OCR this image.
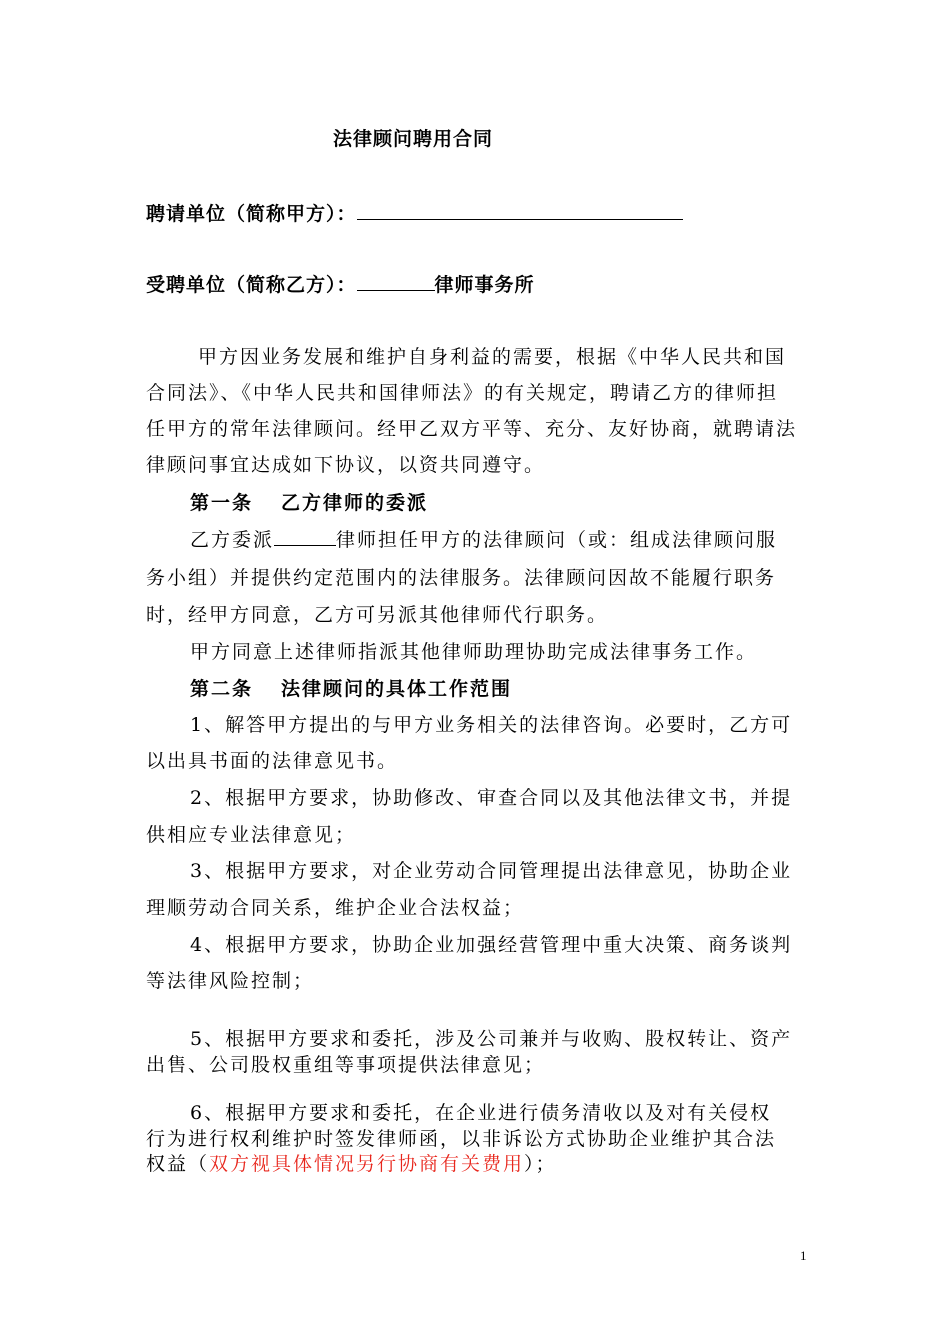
法律顾问聘用合同
聘请单位（简称甲方）：
受聘单位（简称乙方）：	律师事务所
甲方因业务发展和维护自身利益的需要，根据《中华人民共和国
合同法》、《中华人民共和国律师法》的有关规定，聘请乙方的律师担
任甲方的常年法律顾问。经甲乙双方平等、充分、友好协商，就聘请法
律顾问事宜达成如下协议，以资共同遵守。
第一条 乙方律师的委派
乙方委派	律师担任甲方的法律顾问（或：组成法律顾问服
务小组）并提供约定范围内的法律服务。法律顾问因故不能履行职务
时，经甲方同意，乙方可另派其他律师代行职务。
甲方同意上述律师指派其他律师助理协助完成法律事务工作。
第二条 法律顾问的具体工作范围
1、解答甲方提出的与甲方业务相关的法律咨询。必要时，乙方可
以出具书面的法律意见书。
2、根据甲方要求，协助修改、审查合同以及其他法律文书，并提
供相应专业法律意见；
3、根据甲方要求，对企业劳动合同管理提出法律意见，协助企业
理顺劳动合同关系，维护企业合法权益；
4、根据甲方要求，协助企业加强经营管理中重大决策、商务谈判
等法律风险控制；
5、根据甲方要求和委托，涉及公司兼并与收购、股权转让、资产
出售、公司股权重组等事项提供法律意见；
6、根据甲方要求和委托，在企业进行债务清收以及对有关侵权
行为进行权利维护时签发律师函，以非诉讼方式协助企业维护其合法
权益（双方视具体情况另行协商有关费用）；
1
